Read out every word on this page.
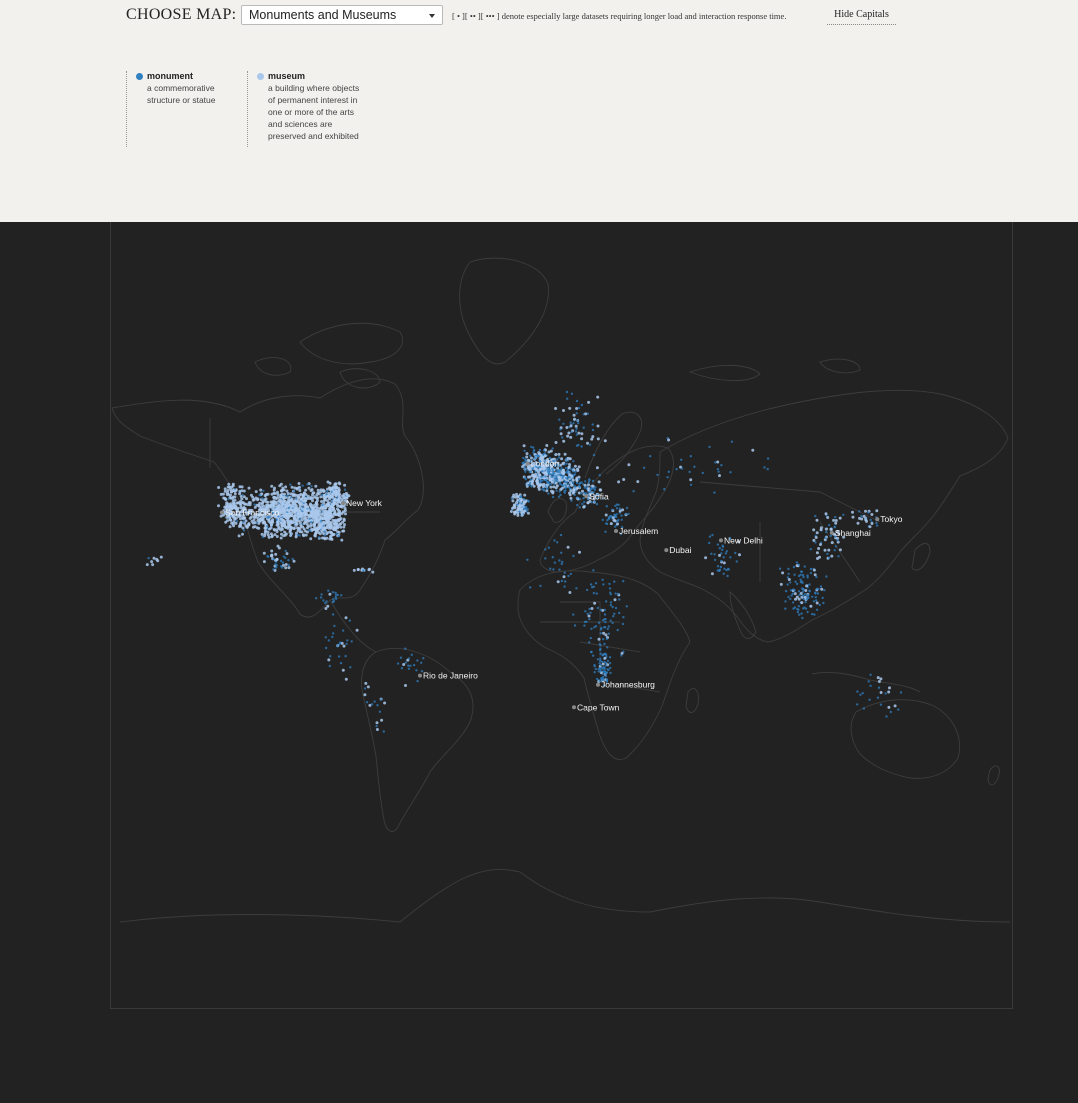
CHOOSE MAP:	Monuments and Museums	[ • ][ •• ][ ••• ] denote especially large datasets requiring longer load and interaction response time.	Hide Capitals
monument
a commemorative structure or statue
museum
a building where objects of permanent interest in one or more of the arts and sciences are preserved and exhibited
San Francisco
New York
London
Sofia
Jerusalem
Dubai
New Delhi
Shanghai
Tokyo
Rio de Janeiro
Johannesburg
Cape Town
